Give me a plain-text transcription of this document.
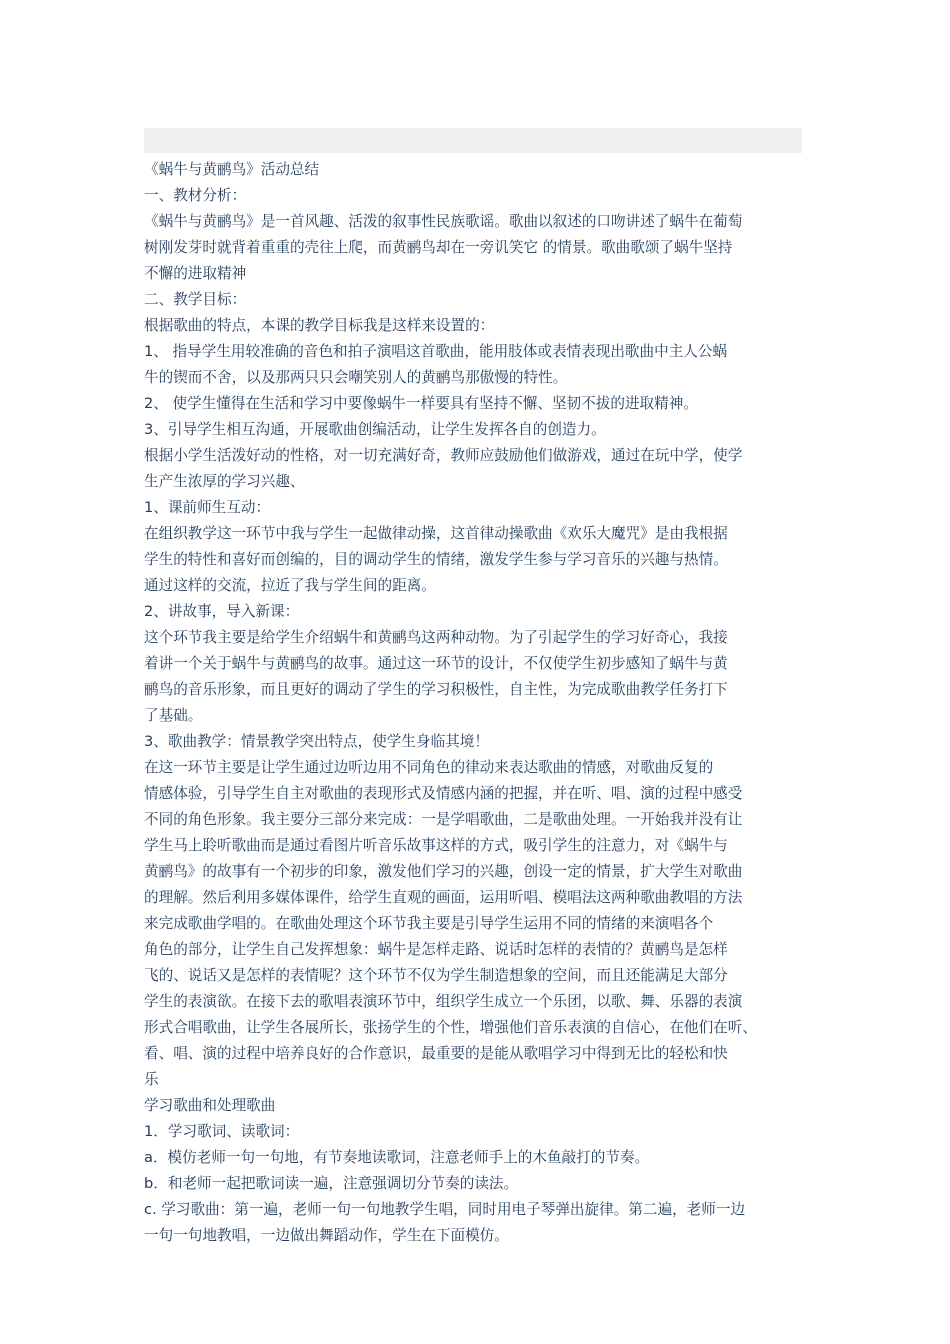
《蜗牛与黄鹂鸟》活动总结

一、教材分析：

《蜗牛与黄鹂鸟》是一首风趣、活泼的叙事性民族歌谣。歌曲以叙述的口吻讲述了蜗牛在葡萄

树刚发芽时就背着重重的壳往上爬，而黄鹂鸟却在一旁讥笑它 的情景。歌曲歌颂了蜗牛坚持

不懈的进取精神

二、教学目标：

根据歌曲的特点，本课的教学目标我是这样来设置的：

1、 指导学生用较准确的音色和拍子演唱这首歌曲，能用肢体或表情表现出歌曲中主人公蜗

牛的锲而不舍，以及那两只只会嘲笑别人的黄鹂鸟那傲慢的特性。

2、 使学生懂得在生活和学习中要像蜗牛一样要具有坚持不懈、坚韧不拔的进取精神。

3、引导学生相互沟通，开展歌曲创编活动，让学生发挥各自的创造力。

根据小学生活泼好动的性格，对一切充满好奇，教师应鼓励他们做游戏，通过在玩中学，使学

生产生浓厚的学习兴趣、

1、课前师生互动：

在组织教学这一环节中我与学生一起做律动操，这首律动操歌曲《欢乐大魔咒》是由我根据

学生的特性和喜好而创编的，目的调动学生的情绪，激发学生参与学习音乐的兴趣与热情。

通过这样的交流，拉近了我与学生间的距离。

2、讲故事，导入新课：

这个环节我主要是给学生介绍蜗牛和黄鹂鸟这两种动物。为了引起学生的学习好奇心，我接

着讲一个关于蜗牛与黄鹂鸟的故事。通过这一环节的设计，不仅使学生初步感知了蜗牛与黄

鹂鸟的音乐形象，而且更好的调动了学生的学习积极性，自主性，为完成歌曲教学任务打下

了基础。

3、歌曲教学：情景教学突出特点，使学生身临其境！

在这一环节主要是让学生通过边听边用不同角色的律动来表达歌曲的情感，对歌曲反复的

情感体验，引导学生自主对歌曲的表现形式及情感内涵的把握，并在听、唱、演的过程中感受

不同的角色形象。我主要分三部分来完成：一是学唱歌曲，二是歌曲处理。一开始我并没有让

学生马上聆听歌曲而是通过看图片听音乐故事这样的方式，吸引学生的注意力，对《蜗牛与

黄鹂鸟》的故事有一个初步的印象，激发他们学习的兴趣，创设一定的情景，扩大学生对歌曲

的理解。然后利用多媒体课件，给学生直观的画面，运用听唱、模唱法这两种歌曲教唱的方法

来完成歌曲学唱的。在歌曲处理这个环节我主要是引导学生运用不同的情绪的来演唱各个

角色的部分，让学生自己发挥想象：蜗牛是怎样走路、说话时怎样的表情的？黄鹂鸟是怎样

飞的、说话又是怎样的表情呢？这个环节不仅为学生制造想象的空间，而且还能满足大部分

学生的表演欲。在接下去的歌唱表演环节中，组织学生成立一个乐团，以歌、舞、乐器的表演

形式合唱歌曲，让学生各展所长，张扬学生的个性，增强他们音乐表演的自信心，在他们在听、

看、唱、演的过程中培养良好的合作意识，最重要的是能从歌唱学习中得到无比的轻松和快

乐

学习歌曲和处理歌曲

1．学习歌词、读歌词：

a．模仿老师一句一句地，有节奏地读歌词，注意老师手上的木鱼敲打的节奏。

b．和老师一起把歌词读一遍，注意强调切分节奏的读法。

c. 学习歌曲：第一遍，老师一句一句地教学生唱，同时用电子琴弹出旋律。第二遍，老师一边

一句一句地教唱，一边做出舞蹈动作，学生在下面模仿。
